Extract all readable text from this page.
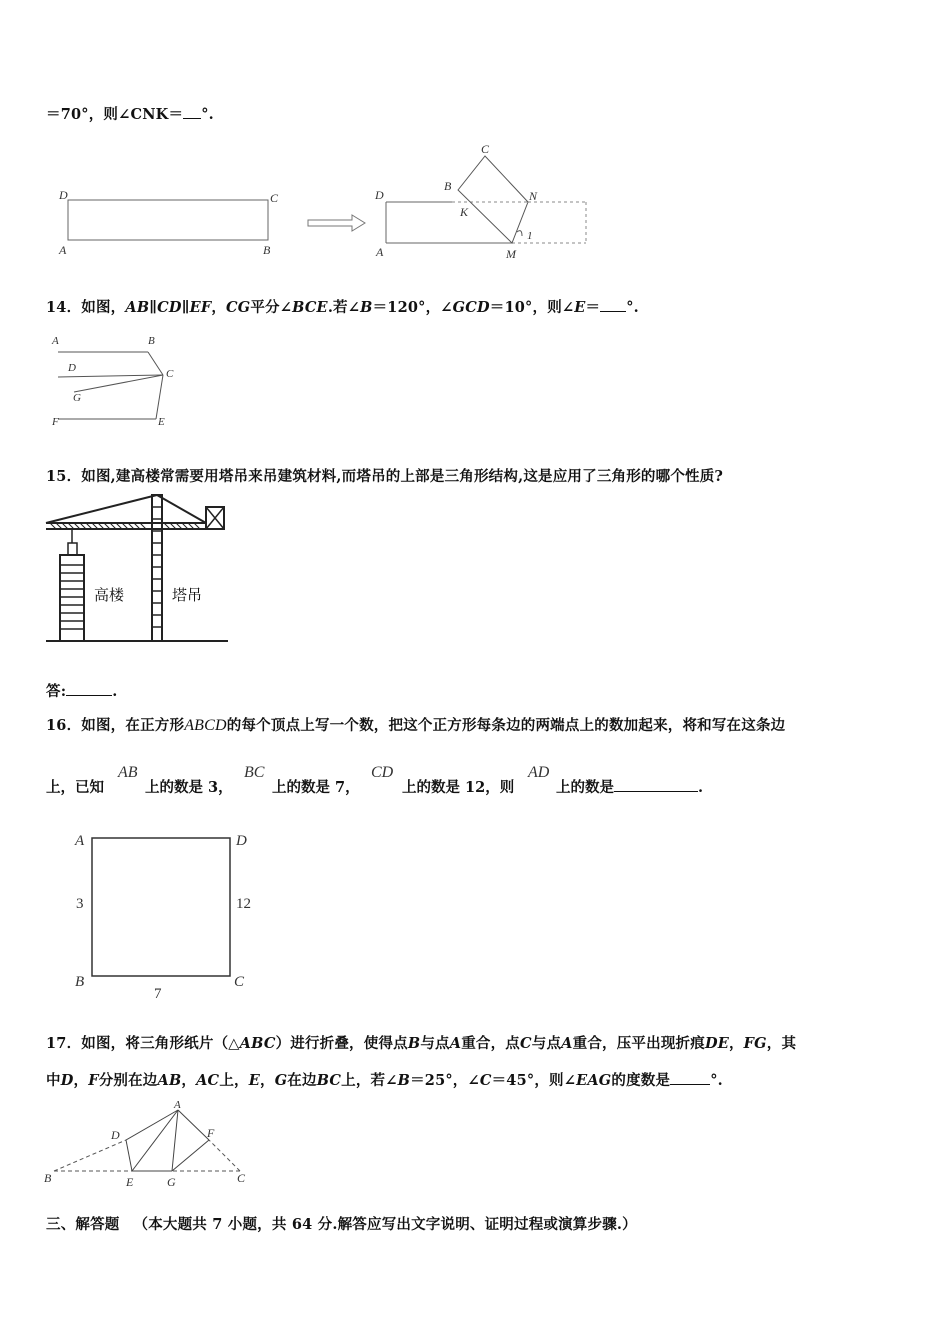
＝70°，则∠CNK＝ °.
D	C
A	B
C
B
D	N
K
A	M
1
14．如图，AB∥CD∥EF，CG平分∠BCE.若∠B＝120°，∠GCD＝10°，则∠E＝ °.
A	B
D	C
G
F	E
15．如图,建高楼常需要用塔吊来吊建筑材料,而塔吊的上部是三角形结构,这是应用了三角形的哪个性质?
高楼	塔吊
答:	.
16．如图，在正方形ABCD的每个顶点上写一个数，把这个正方形每条边的两端点上的数加起来，将和写在这条边
上，已知
AB
上的数是 3，
BC
上的数是 7，
CD
上的数是 12，则
AD
上的数是	.
A	D
B	C
3	12
7
17．如图，将三角形纸片（△ABC）进行折叠，使得点B与点A重合，点C与点A重合，压平出现折痕DE，FG，其
中D，F分别在边AB，AC上，E，G在边BC上，若∠B＝25°，∠C＝45°，则∠EAG的度数是	°.
A
D	F
B	E	G	C
三、解答题 （本大题共 7 小题，共 64 分.解答应写出文字说明、证明过程或演算步骤.）
